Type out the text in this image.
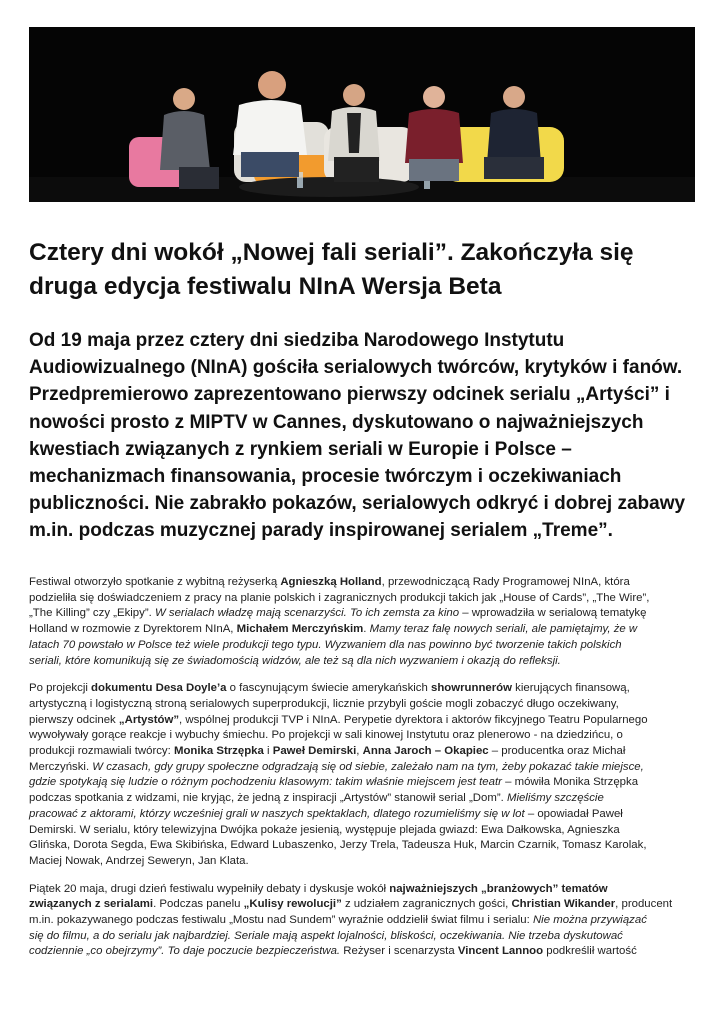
Cztery dni wokół „Nowej fali seriali”. Zakończyła się
druga edycja festiwalu NInA Wersja Beta
Od 19 maja przez cztery dni siedziba Narodowego Instytutu
Audiowizualnego (NInA) gościła serialowych twórców, krytyków i fanów.
Przedpremierowo zaprezentowano pierwszy odcinek serialu „Artyści” i
nowości prosto z MIPTV w Cannes, dyskutowano o najważniejszych
kwestiach związanych z rynkiem seriali w Europie i Polsce –
mechanizmach finansowania, procesie twórczym i oczekiwaniach
publiczności. Nie zabrakło pokazów, serialowych odkryć i dobrej zabawy
m.in. podczas muzycznej parady inspirowanej serialem „Treme”.

Festiwal otworzyło spotkanie z wybitną reżyserką Agnieszką Holland, przewodniczącą Rady Programowej NInA, która
podzieliła się doświadczeniem z pracy na planie polskich i zagranicznych produkcji takich jak „House of Cards”, „The Wire”,
„The Killing” czy „Ekipy”. W serialach władzę mają scenarzyści. To ich zemsta za kino – wprowadziła w serialową tematykę
Holland w rozmowie z Dyrektorem NInA, Michałem Merczyńskim. Mamy teraz falę nowych seriali, ale pamiętajmy, że w
latach 70 powstało w Polsce też wiele produkcji tego typu. Wyzwaniem dla nas powinno być tworzenie takich polskich
seriali, które komunikują się ze świadomością widzów, ale też są dla nich wyzwaniem i okazją do refleksji.

Po projekcji dokumentu Desa Doyle’a o fascynującym świecie amerykańskich showrunnerów kierujących finansową,
artystyczną i logistyczną stroną serialowych superprodukcji, licznie przybyli goście mogli zobaczyć długo oczekiwany,
pierwszy odcinek „Artystów”, wspólnej produkcji TVP i NInA. Perypetie dyrektora i aktorów fikcyjnego Teatru Popularnego
wywoływały gorące reakcje i wybuchy śmiechu. Po projekcji w sali kinowej Instytutu oraz plenerowo - na dziedzińcu, o
produkcji rozmawiali twórcy: Monika Strzępka i Paweł Demirski, Anna Jaroch – Okapiec – producentka oraz Michał
Merczyński. W czasach, gdy grupy społeczne odgradzają się od siebie, zależało nam na tym, żeby pokazać takie miejsce,
gdzie spotykają się ludzie o różnym pochodzeniu klasowym: takim właśnie miejscem jest teatr – mówiła Monika Strzępka
podczas spotkania z widzami, nie kryjąc, że jedną z inspiracji „Artystów” stanowił serial „Dom”. Mieliśmy szczęście
pracować z aktorami, którzy wcześniej grali w naszych spektaklach, dlatego rozumieliśmy się w lot – opowiadał Paweł
Demirski. W serialu, który telewizyjna Dwójka pokaże jesienią, występuje plejada gwiazd: Ewa Dałkowska, Agnieszka
Glińska, Dorota Segda, Ewa Skibińska, Edward Lubaszenko, Jerzy Trela, Tadeusza Huk, Marcin Czarnik, Tomasz Karolak,
Maciej Nowak, Andrzej Seweryn, Jan Klata.

Piątek 20 maja, drugi dzień festiwalu wypełniły debaty i dyskusje wokół najważniejszych „branżowych” tematów
związanych z serialami. Podczas panelu „Kulisy rewolucji” z udziałem zagranicznych gości, Christian Wikander, producent
m.in. pokazywanego podczas festiwalu „Mostu nad Sundem” wyraźnie oddzielił świat filmu i serialu: Nie można przywiązać
się do filmu, a do serialu jak najbardziej. Seriale mają aspekt lojalności, bliskości, oczekiwania. Nie trzeba dyskutować
codziennie „co obejrzymy”. To daje poczucie bezpieczeństwa. Reżyser i scenarzysta Vincent Lannoo podkreślił wartość
